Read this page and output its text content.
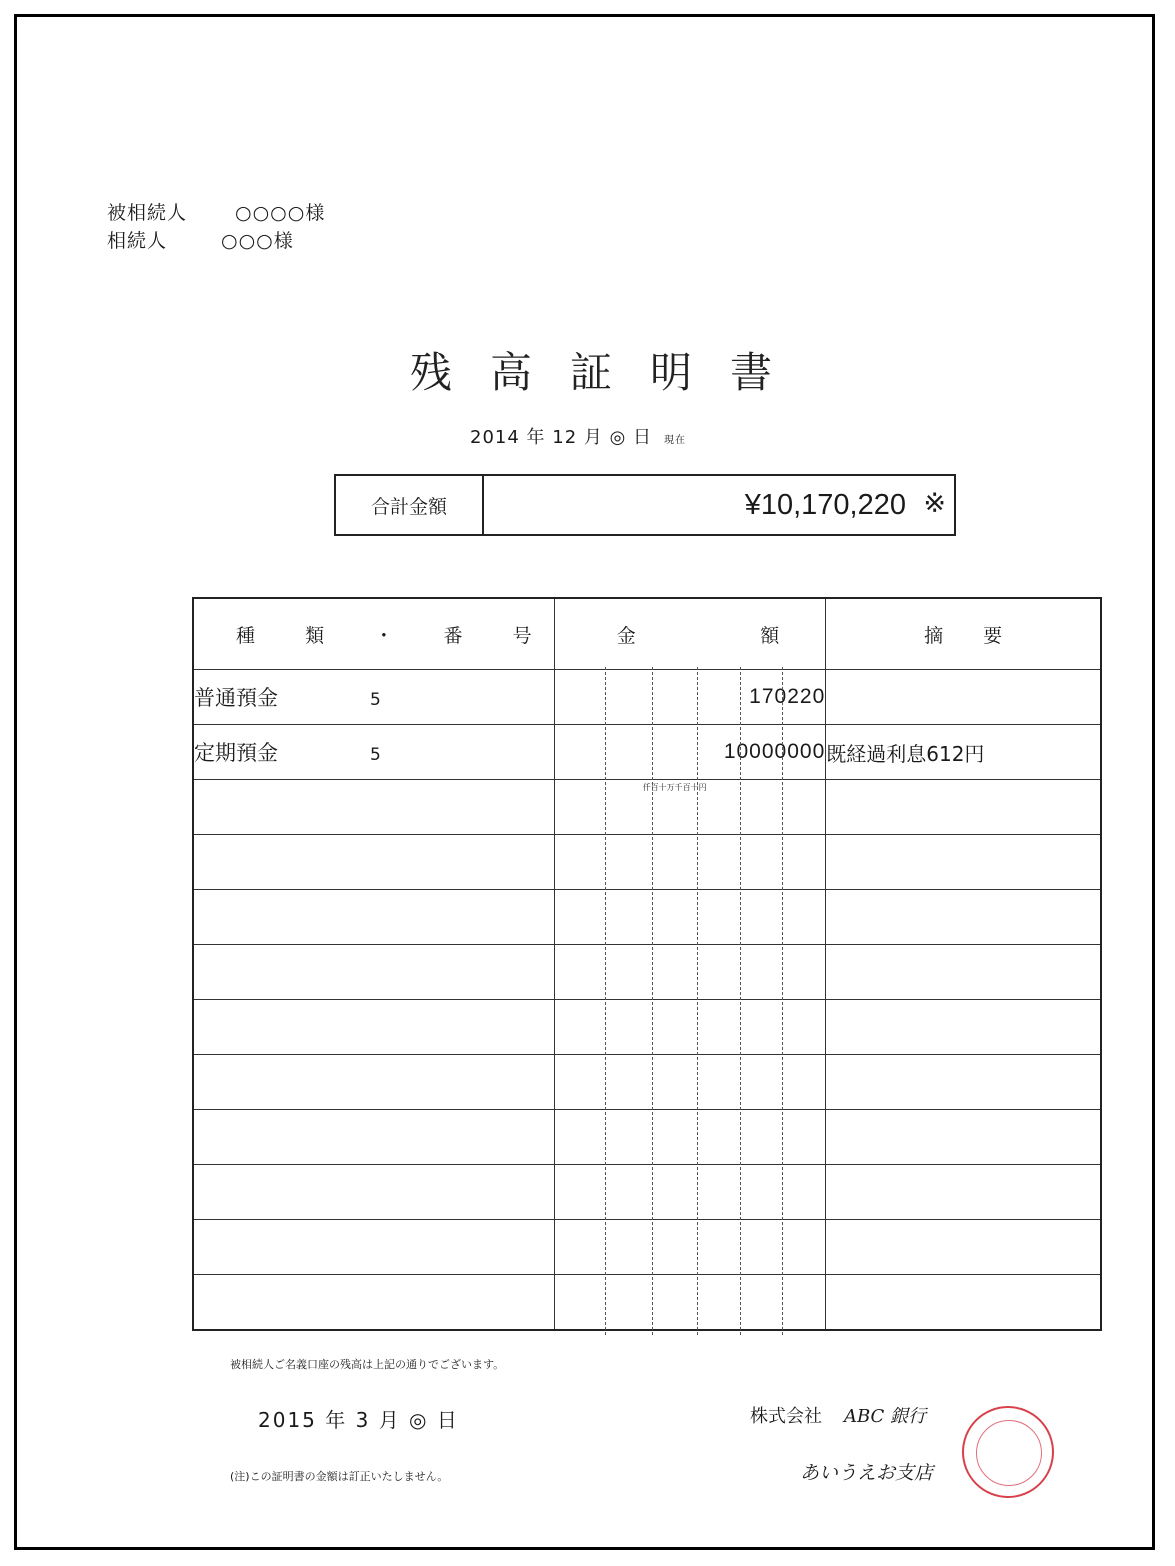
被相続人	○○○○様
相続人	○○○様
残高証明書
2014 年 12 月 ◎ 日 現在
合計金額	¥10,170,220 ※
種 類 ・ 番 号	金 額	摘 要

普通預金 5	170220	
定期預金 5	10000000	既経過利息612円

	仟百十万千百十円	

被相続人ご名義口座の残高は上記の通りでございます。
2015 年 3 月 ◎ 日
(注)この証明書の金額は訂正いたしません。
株式会社 ABC 銀行
あいうえお支店
